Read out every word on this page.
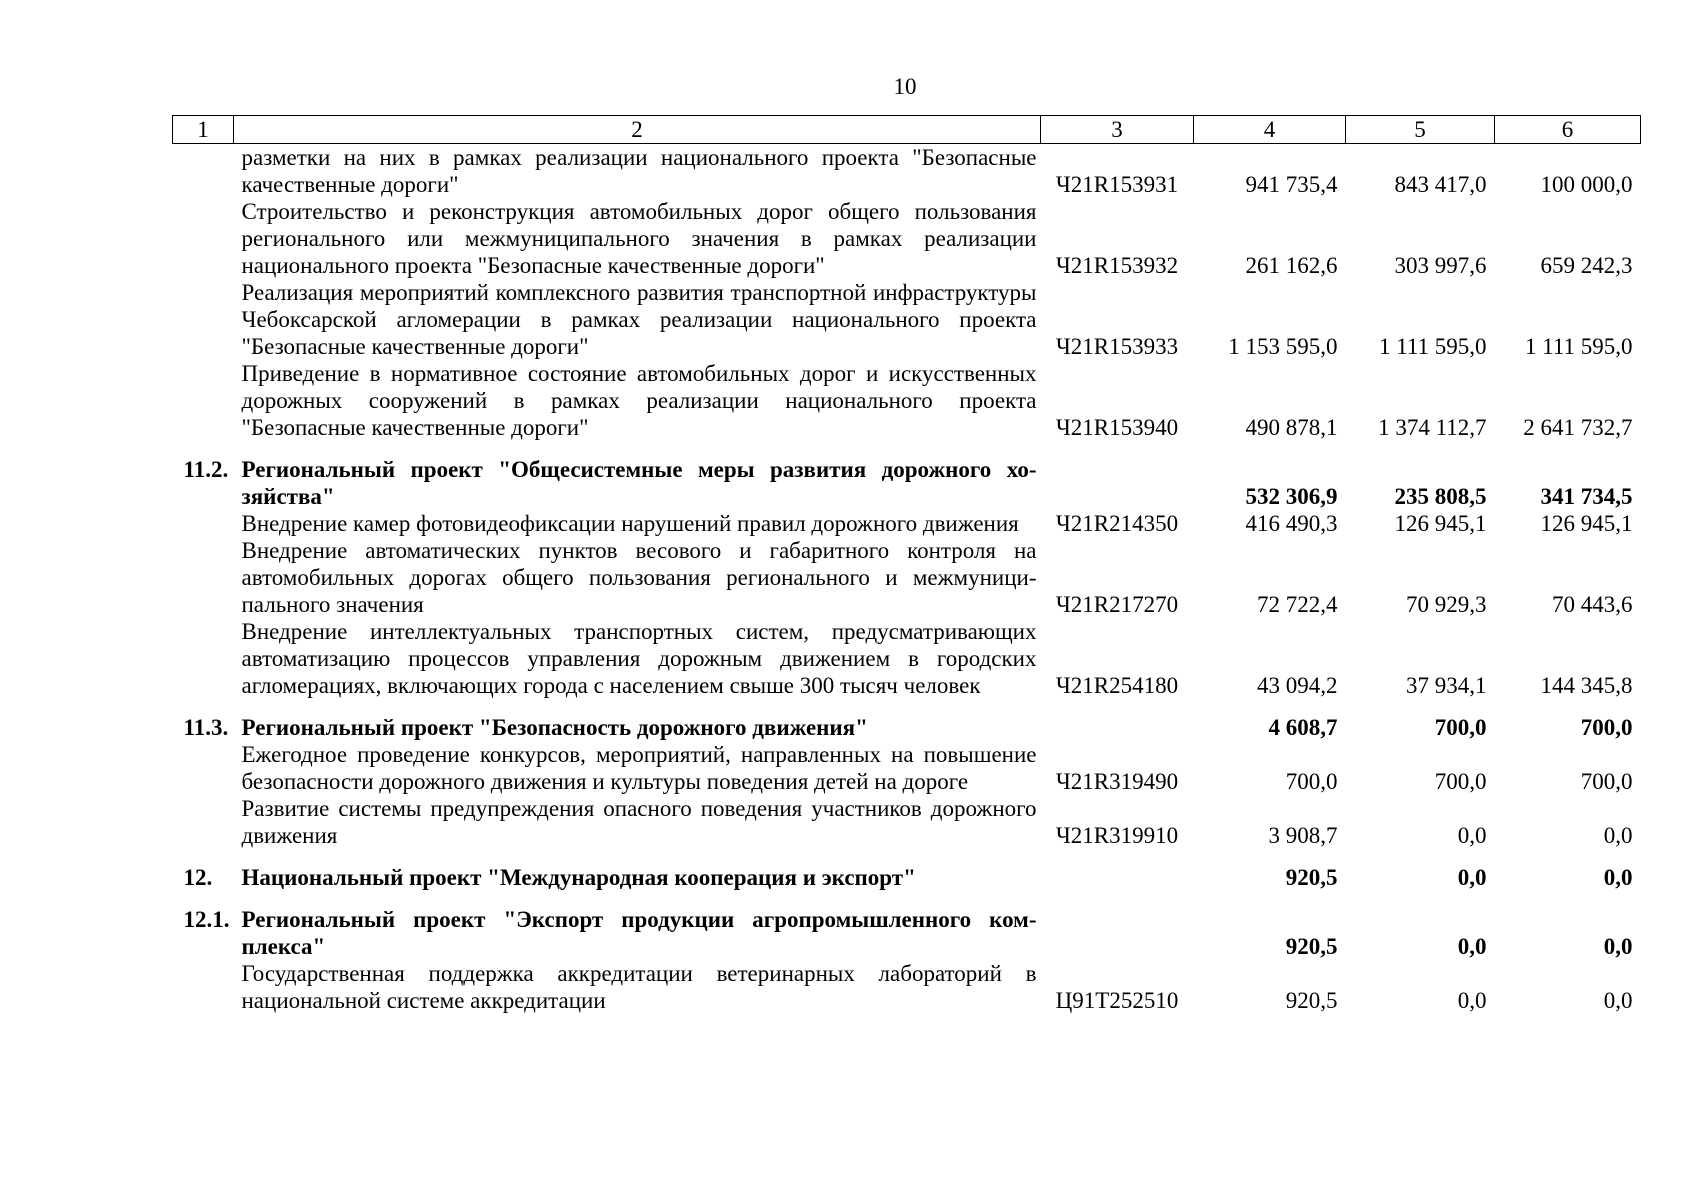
10
1	2	3	4	5	6
	разметки на них в рамках реализации национального проекта "Безопасные качественные дороги"	Ч21R153931	941 735,4	843 417,0	100 000,0
	Строительство и реконструкция автомобильных дорог общего пользования регионального или межмуниципального значения в рамках реализации национального проекта "Безопасные качественные дороги"	Ч21R153932	261 162,6	303 997,6	659 242,3
	Реализация мероприятий комплексного развития транспортной инфраструктуры Чебоксарской агломерации в рамках реализации национального проекта "Безопасные качественные дороги"	Ч21R153933	1 153 595,0	1 111 595,0	1 111 595,0
	Приведение в нормативное состояние автомобильных дорог и искусственных дорожных сооружений в рамках реализации национального проекта "Безопасные качественные дороги"	Ч21R153940	490 878,1	1 374 112,7	2 641 732,7
11.2.	Региональный проект "Общесистемные меры развития дорожного хозяйства"		532 306,9	235 808,5	341 734,5
	Внедрение камер фотовидеофиксации нарушений правил дорожного движения	Ч21R214350	416 490,3	126 945,1	126 945,1
	Внедрение автоматических пунктов весового и габаритного контроля на автомобильных дорогах общего пользования регионального и межмуниципального значения	Ч21R217270	72 722,4	70 929,3	70 443,6
	Внедрение интеллектуальных транспортных систем, предусматривающих автоматизацию процессов управления дорожным движением в городских агломерациях, включающих города с населением свыше 300 тысяч человек	Ч21R254180	43 094,2	37 934,1	144 345,8
11.3.	Региональный проект "Безопасность дорожного движения"		4 608,7	700,0	700,0
	Ежегодное проведение конкурсов, мероприятий, направленных на повышение безопасности дорожного движения и культуры поведения детей на дороге	Ч21R319490	700,0	700,0	700,0
	Развитие системы предупреждения опасного поведения участников дорожного движения	Ч21R319910	3 908,7	0,0	0,0
12.	Национальный проект "Международная кооперация и экспорт"		920,5	0,0	0,0
12.1.	Региональный проект "Экспорт продукции агропромышленного комплекса"		920,5	0,0	0,0
	Государственная поддержка аккредитации ветеринарных лабораторий в национальной системе аккредитации	Ц91Т252510	920,5	0,0	0,0
